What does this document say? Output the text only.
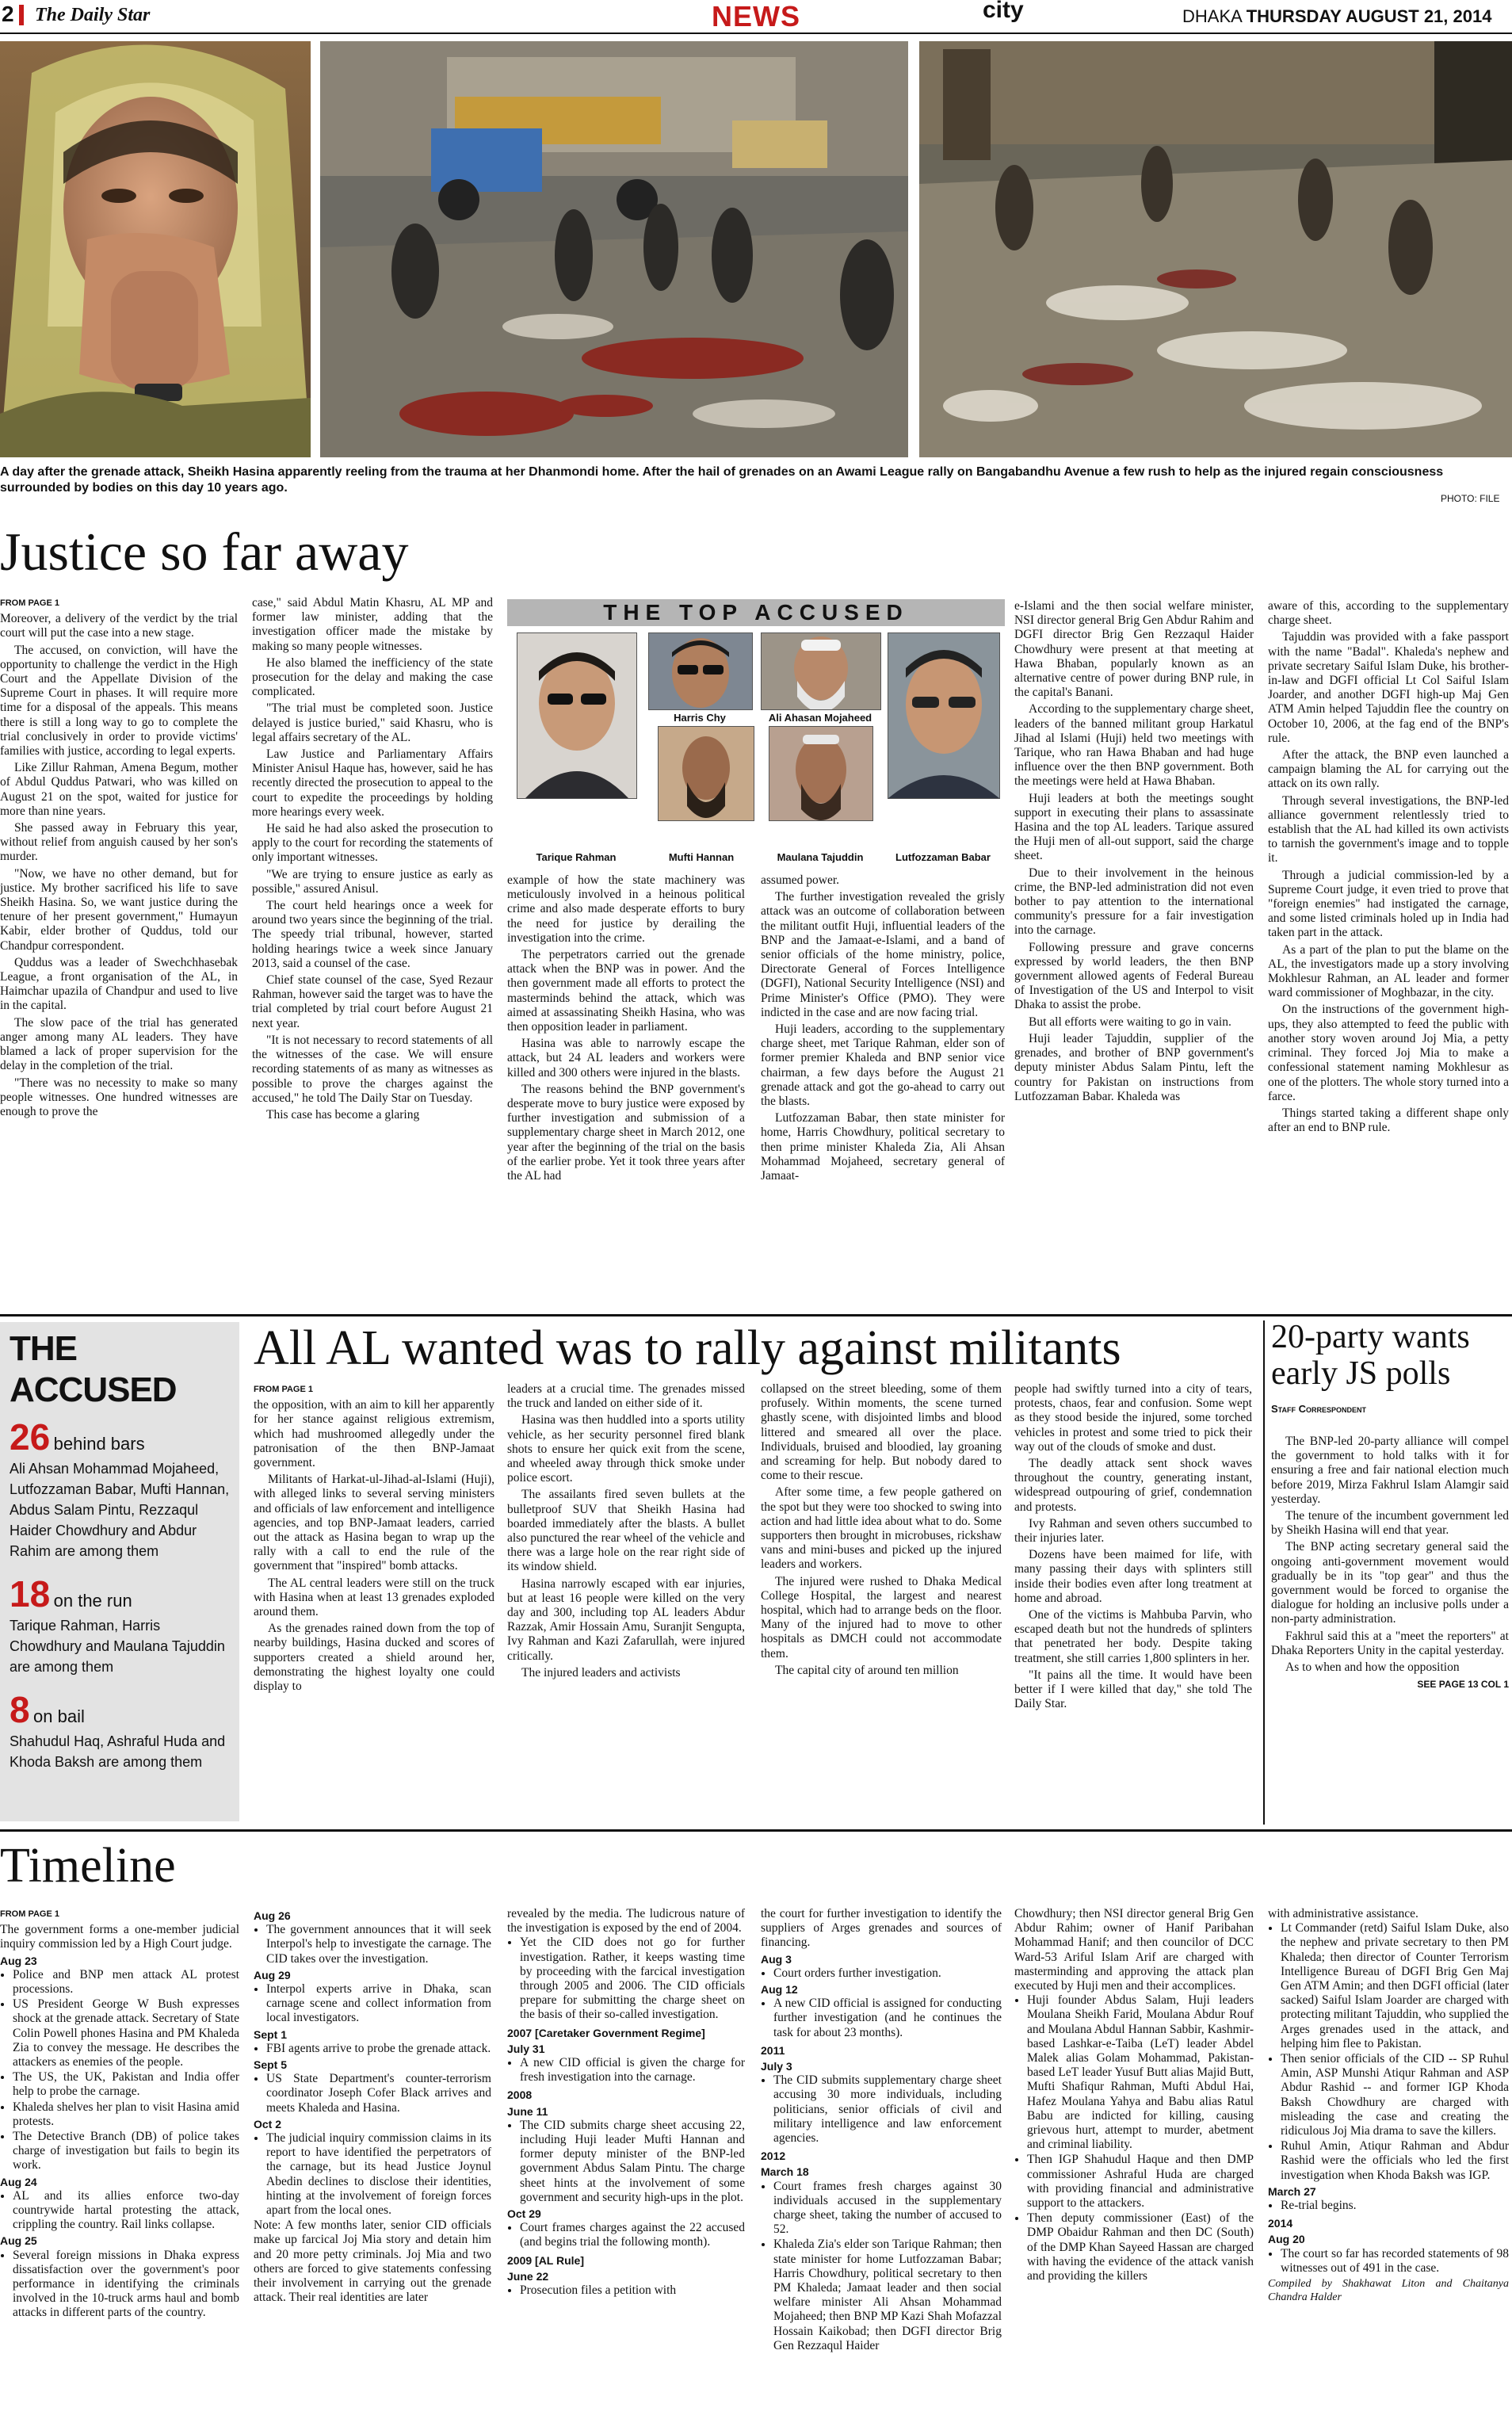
2 The Daily Star	NEWS	city	DHAKA THURSDAY AUGUST 21, 2014
A day after the grenade attack, Sheikh Hasina apparently reeling from the trauma at her Dhanmondi home. After the hail of grenades on an Awami League rally on Bangabandhu Avenue a few rush to help as the injured regain consciousness surrounded by bodies on this day 10 years ago.
PHOTO: FILE
Justice so far away
FROM PAGE 1

Moreover, a delivery of the verdict by the trial court will put the case into a new stage.

The accused, on conviction, will have the opportunity to challenge the verdict in the High Court and the Appellate Division of the Supreme Court in phases. It will require more time for a disposal of the appeals. This means there is still a long way to go to complete the trial conclusively in order to provide victims' families with justice, according to legal experts.

Like Zillur Rahman, Amena Begum, mother of Abdul Quddus Patwari, who was killed on August 21 on the spot, waited for justice for more than nine years.

She passed away in February this year, without relief from anguish caused by her son's murder.

"Now, we have no other demand, but for justice. My brother sacrificed his life to save Sheikh Hasina. So, we want justice during the tenure of her present government," Humayun Kabir, elder brother of Quddus, told our Chandpur correspondent.

Quddus was a leader of Swechchhasebak League, a front organisation of the AL, in Haimchar upazila of Chandpur and used to live in the capital.

The slow pace of the trial has generated anger among many AL leaders. They have blamed a lack of proper supervision for the delay in the completion of the trial.

"There was no necessity to make so many people witnesses. One hundred witnesses are enough to prove the

case," said Abdul Matin Khasru, AL MP and former law minister, adding that the investigation officer made the mistake by making so many people witnesses.

He also blamed the inefficiency of the state prosecution for the delay and making the case complicated.

"The trial must be completed soon. Justice delayed is justice buried," said Khasru, who is legal affairs secretary of the AL.

Law Justice and Parliamentary Affairs Minister Anisul Haque has, however, said he has recently directed the prosecution to appeal to the court to expedite the proceedings by holding more hearings every week.

He said he had also asked the prosecution to apply to the court for recording the statements of only important witnesses.

"We are trying to ensure justice as early as possible," assured Anisul.

The court held hearings once a week for around two years since the beginning of the trial. The speedy trial tribunal, however, started holding hearings twice a week since January 2013, said a counsel of the case.

Chief state counsel of the case, Syed Rezaur Rahman, however said the target was to have the trial completed by trial court before August 21 next year.

"It is not necessary to record statements of all the witnesses of the case. We will ensure recording statements of as many as witnesses as possible to prove the charges against the accused," he told The Daily Star on Tuesday.

This case has become a glaring

THE TOP ACCUSED
Harris Chy	Ali Ahasan Mojaheed
Tarique Rahman	Mufti Hannan	Maulana Tajuddin	Lutfozzaman Babar

example of how the state machinery was meticulously involved in a heinous political crime and also made desperate efforts to bury the need for justice by derailing the investigation into the crime.

The perpetrators carried out the grenade attack when the BNP was in power. And the then government made all efforts to protect the masterminds behind the attack, which was aimed at assassinating Sheikh Hasina, who was then opposition leader in parliament.

Hasina was able to narrowly escape the attack, but 24 AL leaders and workers were killed and 300 others were injured in the blasts.

The reasons behind the BNP government's desperate move to bury justice were exposed by further investigation and submission of a supplementary charge sheet in March 2012, one year after the beginning of the trial on the basis of the earlier probe. Yet it took three years after the AL had

assumed power.

The further investigation revealed the grisly attack was an outcome of collaboration between the militant outfit Huji, influential leaders of the BNP and the Jamaat-e-Islami, and a band of senior officials of the home ministry, police, Directorate General of Forces Intelligence (DGFI), National Security Intelligence (NSI) and Prime Minister's Office (PMO). They were indicted in the case and are now facing trial.

Huji leaders, according to the supplementary charge sheet, met Tarique Rahman, elder son of former premier Khaleda and BNP senior vice chairman, a few days before the August 21 grenade attack and got the go-ahead to carry out the blasts.

Lutfozzaman Babar, then state minister for home, Harris Chowdhury, political secretary to then prime minister Khaleda Zia, Ali Ahsan Mohammad Mojaheed, secretary general of Jamaat-

e-Islami and the then social welfare minister, NSI director general Brig Gen Abdur Rahim and DGFI director Brig Gen Rezzaqul Haider Chowdhury were present at that meeting at Hawa Bhaban, popularly known as an alternative centre of power during BNP rule, in the capital's Banani.

According to the supplementary charge sheet, leaders of the banned militant group Harkatul Jihad al Islami (Huji) held two meetings with Tarique, who ran Hawa Bhaban and had huge influence over the then BNP government. Both the meetings were held at Hawa Bhaban.

Huji leaders at both the meetings sought support in executing their plans to assassinate Hasina and the top AL leaders. Tarique assured the Huji men of all-out support, said the charge sheet.

Due to their involvement in the heinous crime, the BNP-led administration did not even bother to pay attention to the international community's pressure for a fair investigation into the carnage.

Following pressure and grave concerns expressed by world leaders, the then BNP government allowed agents of Federal Bureau of Investigation of the US and Interpol to visit Dhaka to assist the probe.

But all efforts were waiting to go in vain.

Huji leader Tajuddin, supplier of the grenades, and brother of BNP government's deputy minister Abdus Salam Pintu, left the country for Pakistan on instructions from Lutfozzaman Babar. Khaleda was

aware of this, according to the supplementary charge sheet.

Tajuddin was provided with a fake passport with the name "Badal". Khaleda's nephew and private secretary Saiful Islam Duke, his brother-in-law and DGFI official Lt Col Saiful Islam Joarder, and another DGFI high-up Maj Gen ATM Amin helped Tajuddin flee the country on October 10, 2006, at the fag end of the BNP's rule.

After the attack, the BNP even launched a campaign blaming the AL for carrying out the attack on its own rally.

Through several investigations, the BNP-led alliance government relentlessly tried to establish that the AL had killed its own activists to tarnish the government's image and to topple it.

Through a judicial commission-led by a Supreme Court judge, it even tried to prove that "foreign enemies" had instigated the carnage, and some listed criminals holed up in India had taken part in the attack.

As a part of the plan to put the blame on the AL, the investigators made up a story involving Mokhlesur Rahman, an AL leader and former ward commissioner of Moghbazar, in the city.

On the instructions of the government high-ups, they also attempted to feed the public with another story woven around Joj Mia, a petty criminal. They forced Joj Mia to make a confessional statement naming Mokhlesur as one of the plotters. The whole story turned into a farce.

Things started taking a different shape only after an end to BNP rule.

THE ACCUSED
26 behind bars
Ali Ahsan Mohammad Mojaheed, Lutfozzaman Babar, Mufti Hannan, Abdus Salam Pintu, Rezzaqul Haider Chowdhury and Abdur Rahim are among them
18 on the run
Tarique Rahman, Harris Chowdhury and Maulana Tajuddin are among them
8 on bail
Shahudul Haq, Ashraful Huda and Khoda Baksh are among them
All AL wanted was to rally against militants
FROM PAGE 1

the opposition, with an aim to kill her apparently for her stance against religious extremism, which had mushroomed allegedly under the patronisation of the then BNP-Jamaat government.

Militants of Harkat-ul-Jihad-al-Islami (Huji), with alleged links to several serving ministers and officials of law enforcement and intelligence agencies, and top BNP-Jamaat leaders, carried out the attack as Hasina began to wrap up the rally with a call to end the rule of the government that "inspired" bomb attacks.

The AL central leaders were still on the truck with Hasina when at least 13 grenades exploded around them.

As the grenades rained down from the top of nearby buildings, Hasina ducked and scores of supporters created a shield around her, demonstrating the highest loyalty one could display to

leaders at a crucial time. The grenades missed the truck and landed on either side of it.

Hasina was then huddled into a sports utility vehicle, as her security personnel fired blank shots to ensure her quick exit from the scene, and wheeled away through thick smoke under police escort.

The assailants fired seven bullets at the bulletproof SUV that Sheikh Hasina had boarded immediately after the blasts. A bullet also punctured the rear wheel of the vehicle and there was a large hole on the rear right side of its window shield.

Hasina narrowly escaped with ear injuries, but at least 16 people were killed on the very day and 300, including top AL leaders Abdur Razzak, Amir Hossain Amu, Suranjit Sengupta, Ivy Rahman and Kazi Zafarullah, were injured critically.

The injured leaders and activists

collapsed on the street bleeding, some of them profusely. Within moments, the scene turned ghastly scene, with disjointed limbs and blood littered and smeared all over the place. Individuals, bruised and bloodied, lay groaning and screaming for help. But nobody dared to come to their rescue.

After some time, a few people gathered on the spot but they were too shocked to swing into action and had little idea about what to do. Some supporters then brought in microbuses, rickshaw vans and mini-buses and picked up the injured leaders and workers.

The injured were rushed to Dhaka Medical College Hospital, the largest and nearest hospital, which had to arrange beds on the floor. Many of the injured had to move to other hospitals as DMCH could not accommodate them.

The capital city of around ten million

people had swiftly turned into a city of tears, protests, chaos, fear and confusion. Some wept as they stood beside the injured, some torched vehicles in protest and some tried to pick their way out of the clouds of smoke and dust.

The deadly attack sent shock waves throughout the country, generating instant, widespread outpouring of grief, condemnation and protests.

Ivy Rahman and seven others succumbed to their injuries later.

Dozens have been maimed for life, with many passing their days with splinters still inside their bodies even after long treatment at home and abroad.

One of the victims is Mahbuba Parvin, who escaped death but not the hundreds of splinters that penetrated her body. Despite taking treatment, she still carries 1,800 splinters in her.

"It pains all the time. It would have been better if I were killed that day," she told The Daily Star.

20-party wants early JS polls
Staff Correspondent

The BNP-led 20-party alliance will compel the government to hold talks with it for ensuring a free and fair national election much before 2019, Mirza Fakhrul Islam Alamgir said yesterday.

The tenure of the incumbent government led by Sheikh Hasina will end that year.

The BNP acting secretary general said the ongoing anti-government movement would gradually be in its "top gear" and thus the government would be forced to organise the dialogue for holding an inclusive polls under a non-party administration.

Fakhrul said this at a "meet the reporters" at Dhaka Reporters Unity in the capital yesterday.

As to when and how the opposition

SEE PAGE 13 COL 1
Timeline
FROM PAGE 1
The government forms a one-member judicial inquiry commission led by a High Court judge.
Aug 23
• Police and BNP men attack AL protest processions.
• US President George W Bush expresses shock at the grenade attack. Secretary of State Colin Powell phones Hasina and PM Khaleda Zia to convey the message. He describes the attackers as enemies of the people.
• The US, the UK, Pakistan and India offer help to probe the carnage.
• Khaleda shelves her plan to visit Hasina amid protests.
• The Detective Branch (DB) of police takes charge of investigation but fails to begin its work.
Aug 24
• AL and its allies enforce two-day countrywide hartal protesting the attack, crippling the country. Rail links collapse.
Aug 25
• Several foreign missions in Dhaka express dissatisfaction over the government's poor performance in identifying the criminals involved in the 10-truck arms haul and bomb attacks in different parts of the country.
Aug 26
• The government announces that it will seek Interpol's help to investigate the carnage. The CID takes over the investigation.
Aug 29
• Interpol experts arrive in Dhaka, scan carnage scene and collect information from local investigators.
Sept 1
• FBI agents arrive to probe the grenade attack.
Sept 5
• US State Department's counter-terrorism coordinator Joseph Cofer Black arrives and meets Khaleda and Hasina.
Oct 2
• The judicial inquiry commission claims in its report to have identified the perpetrators of the carnage, but its head Justice Joynul Abedin declines to disclose their identities, hinting at the involvement of foreign forces apart from the local ones.
Note: A few months later, senior CID officials make up farcical Joj Mia story and detain him and 20 more petty criminals. Joj Mia and two others are forced to give statements confessing their involvement in carrying out the grenade attack. Their real identities are later
revealed by the media. The ludicrous nature of the investigation is exposed by the end of 2004.
• Yet the CID does not go for further investigation. Rather, it keeps wasting time by proceeding with the farcical investigation through 2005 and 2006. The CID officials prepare for submitting the charge sheet on the basis of their so-called investigation.
2007 [Caretaker Government Regime]
July 31
• A new CID official is given the charge for fresh investigation into the carnage.
2008
June 11
• The CID submits charge sheet accusing 22, including Huji leader Mufti Hannan and former deputy minister of the BNP-led government Abdus Salam Pintu. The charge sheet hints at the involvement of some government and security high-ups in the plot.
Oct 29
• Court frames charges against the 22 accused (and begins trial the following month).
2009 [AL Rule]
June 22
• Prosecution files a petition with
the court for further investigation to identify the suppliers of Arges grenades and sources of financing.
Aug 3
• Court orders further investigation.
Aug 12
• A new CID official is assigned for conducting further investigation (and he continues the task for about 23 months).
2011
July 3
• The CID submits supplementary charge sheet accusing 30 more individuals, including politicians, senior officials of civil and military intelligence and law enforcement agencies.
2012
March 18
• Court frames fresh charges against 30 individuals accused in the supplementary charge sheet, taking the number of accused to 52.
• Khaleda Zia's elder son Tarique Rahman; then state minister for home Lutfozzaman Babar; Harris Chowdhury, political secretary to then PM Khaleda; Jamaat leader and then social welfare minister Ali Ahsan Mohammad Mojaheed; then BNP MP Kazi Shah Mofazzal Hossain Kaikobad; then DGFI director Brig Gen Rezzaqul Haider
Chowdhury; then NSI director general Brig Gen Abdur Rahim; owner of Hanif Paribahan Mohammad Hanif; and then councilor of DCC Ward-53 Ariful Islam Arif are charged with masterminding and approving the attack plan executed by Huji men and their accomplices.
• Huji founder Abdus Salam, Huji leaders Moulana Sheikh Farid, Moulana Abdur Rouf and Moulana Abdul Hannan Sabbir, Kashmir-based Lashkar-e-Taiba (LeT) leader Abdel Malek alias Golam Mohammad, Pakistan-based LeT leader Yusuf Butt alias Majid Butt, Mufti Shafiqur Rahman, Mufti Abdul Hai, Hafez Moulana Yahya and Babu alias Ratul Babu are indicted for killing, causing grievous hurt, attempt to murder, abetment and criminal liability.
• Then IGP Shahudul Haque and then DMP commissioner Ashraful Huda are charged with providing financial and administrative support to the attackers.
• Then deputy commissioner (East) of the DMP Obaidur Rahman and then DC (South) of the DMP Khan Sayeed Hassan are charged with having the evidence of the attack vanish and providing the killers
with administrative assistance.
• Lt Commander (retd) Saiful Islam Duke, also the nephew and private secretary to then PM Khaleda; then director of Counter Terrorism Intelligence Bureau of DGFI Brig Gen Maj Gen ATM Amin; and then DGFI official (later sacked) Saiful Islam Joarder are charged with protecting militant Tajuddin, who supplied the Arges grenades used in the attack, and helping him flee to Pakistan.
• Then senior officials of the CID -- SP Ruhul Amin, ASP Munshi Atiqur Rahman and ASP Abdur Rashid -- and former IGP Khoda Baksh Chowdhury are charged with misleading the case and creating the ridiculous Joj Mia drama to save the killers.
• Ruhul Amin, Atiqur Rahman and Abdur Rashid were the officials who led the first investigation when Khoda Baksh was IGP.
March 27
• Re-trial begins.
2014
Aug 20
• The court so far has recorded statements of 98 witnesses out of 491 in the case.
Compiled by Shakhawat Liton and Chaitanya Chandra Halder
